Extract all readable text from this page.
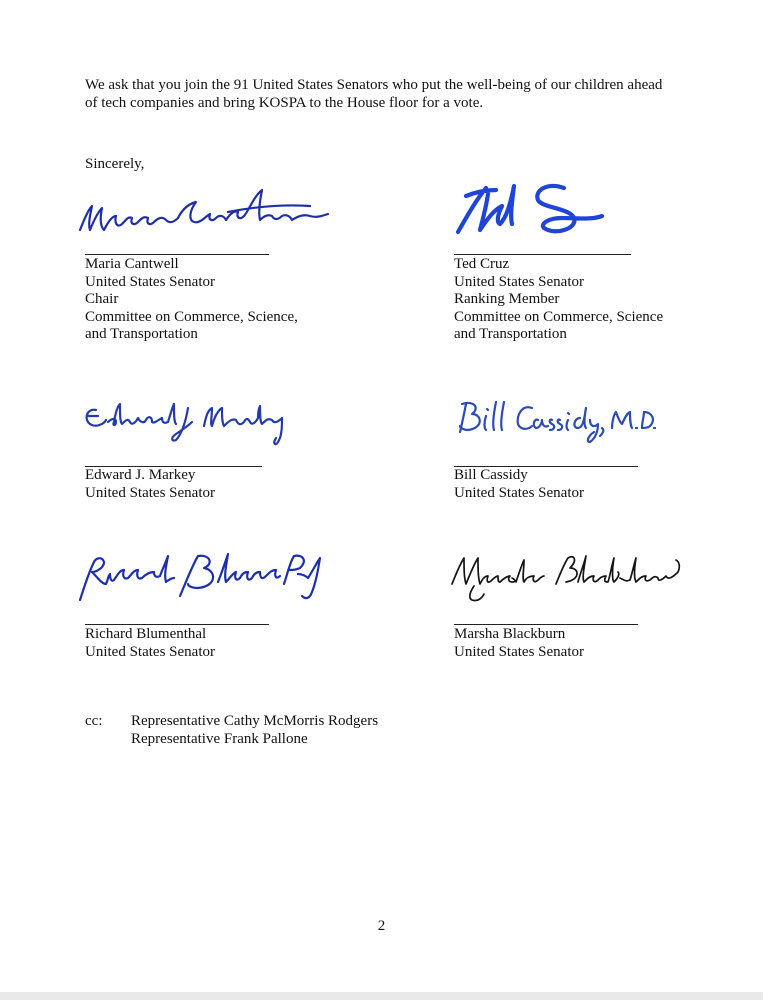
We ask that you join the 91 United States Senators who put the well-being of our children ahead
of tech companies and bring KOSPA to the House floor for a vote.
Sincerely,
Maria Cantwell
United States Senator
Chair
Committee on Commerce, Science,
and Transportation
Ted Cruz
United States Senator
Ranking Member
Committee on Commerce, Science
and Transportation
Edward J. Markey
United States Senator
Bill Cassidy
United States Senator
Richard Blumenthal
United States Senator
Marsha Blackburn
United States Senator
cc: Representative Cathy McMorris Rodgers
Representative Frank Pallone
2
